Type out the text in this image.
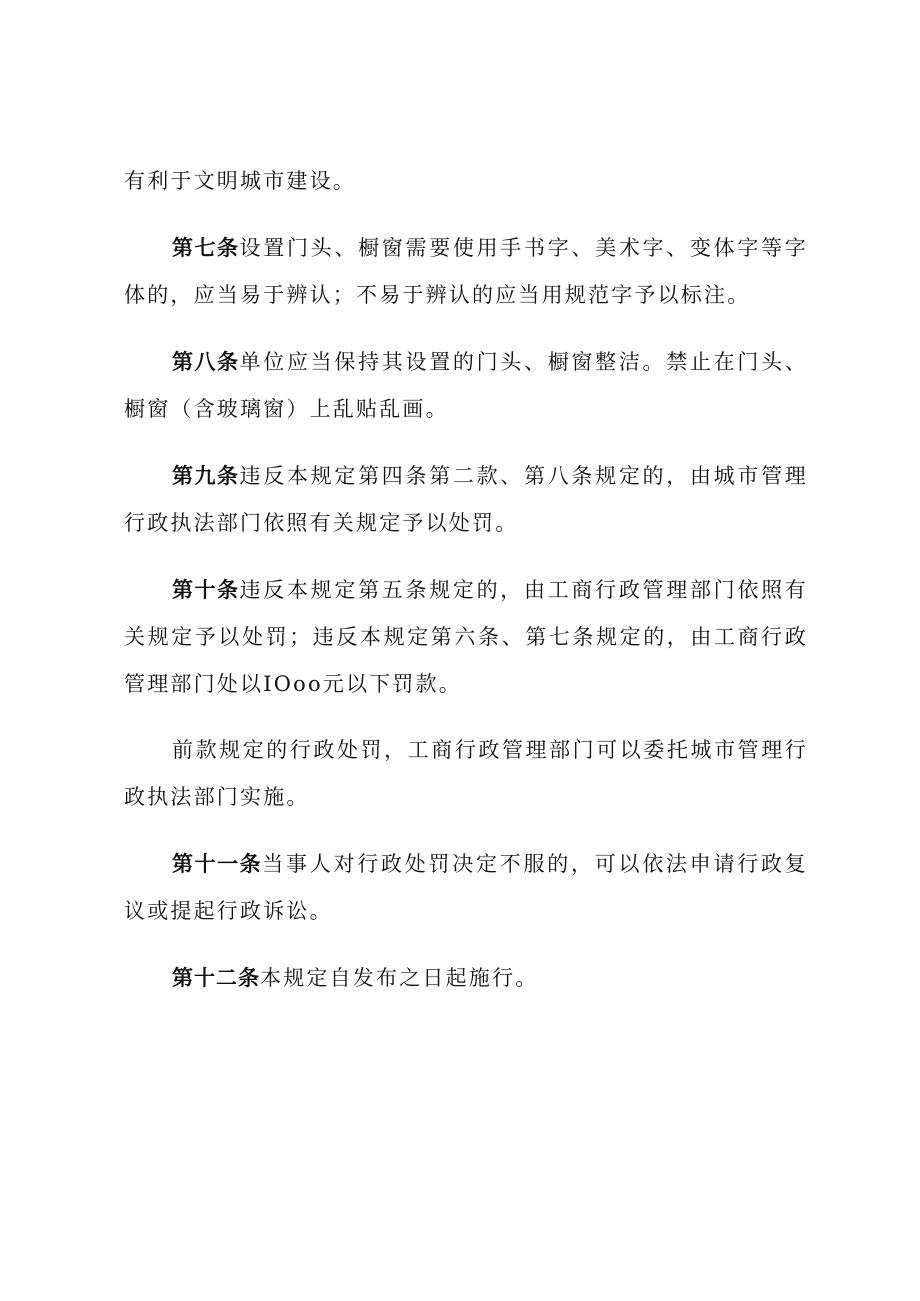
有利于文明城市建设。

第七条设置门头、橱窗需要使用手书字、美术字、变体字等字体的，应当易于辨认；不易于辨认的应当用规范字予以标注。

第八条单位应当保持其设置的门头、橱窗整洁。禁止在门头、橱窗（含玻璃窗）上乱贴乱画。

第九条违反本规定第四条第二款、第八条规定的，由城市管理行政执法部门依照有关规定予以处罚。

第十条违反本规定第五条规定的，由工商行政管理部门依照有关规定予以处罚；违反本规定第六条、第七条规定的，由工商行政管理部门处以IOoo元以下罚款。

前款规定的行政处罚，工商行政管理部门可以委托城市管理行政执法部门实施。

第十一条当事人对行政处罚决定不服的，可以依法申请行政复议或提起行政诉讼。

第十二条本规定自发布之日起施行。
